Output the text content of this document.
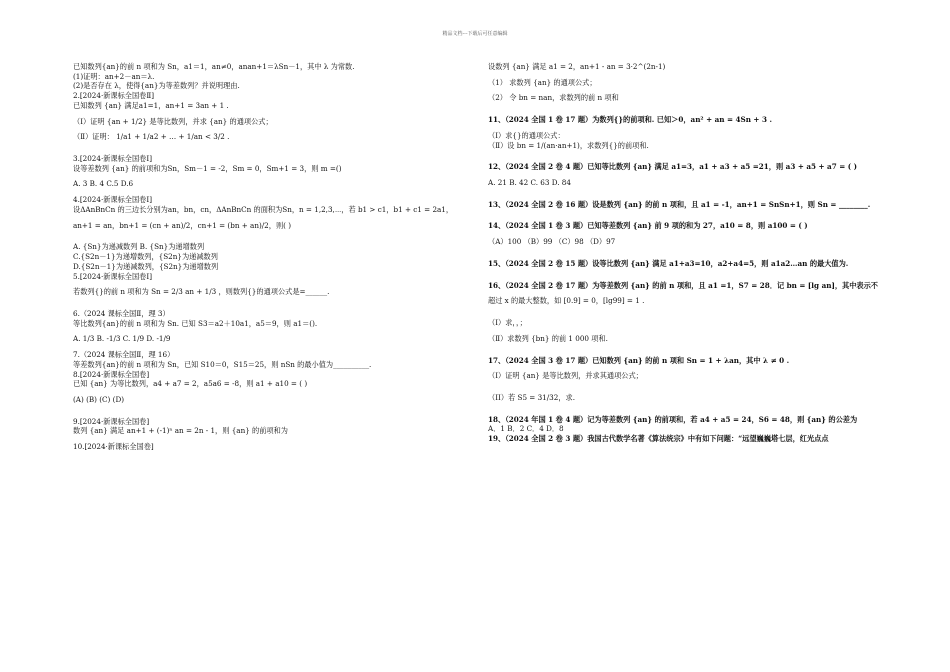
精品文档---下载后可任意编辑
已知数列{an}的前 n 项和为 Sn，a1＝1，an≠0，anan+1＝λSn－1，其中 λ 为常数.
(1)证明：an+2－an＝λ.
(2)是否存在 λ，使得{an}为等差数列？并说明理由.
2.[2024·新课标全国卷Ⅱ]
已知数列 {an} 满足a1=1，an+1 = 3an + 1 .
（Ⅰ）证明 {an + 1/2} 是等比数列，并求 {an} 的通项公式；
（Ⅱ）证明： 1/a1 + 1/a2 + … + 1/an < 3/2 .
3.[2024·新课标全国卷Ⅰ]
设等差数列 {an} 的前项和为Sn，Sm－1 = -2，Sm = 0，Sm+1 = 3，则 m =()
A. 3 B. 4 C.5 D.6
4.[2024·新课标全国卷Ⅰ]
设ΔAnBnCn 的三边长分别为an，bn，cn，ΔAnBnCn 的面积为Sn，n = 1,2,3,⋯，若 b1 > c1，b1 + c1 = 2a1，
an+1 = an，bn+1 = (cn + an)/2，cn+1 = (bn + an)/2，则( )
A. {Sn}为递减数列 B. {Sn}为递增数列
C.{S2n－1}为递增数列，{S2n}为递减数列
D.{S2n－1}为递减数列，{S2n}为递增数列
5.[2024·新课标全国卷Ⅰ]
若数列{}的前 n 项和为 Sn = 2/3 an + 1/3 ，则数列{}的通项公式是=______.
6.（2024 课标全国Ⅱ，理 3）
等比数列{an}的前 n 项和为 Sn. 已知 S3＝a2＋10a1，a5＝9，则 a1＝().
A. 1/3 B. -1/3 C. 1/9 D. -1/9
7.（2024 课标全国Ⅱ，理 16）
等差数列{an}的前 n 项和为 Sn，已知 S10＝0，S15＝25，则 nSn 的最小值为__________.
8.[2024·新课标全国卷]
已知 {an} 为等比数列，a4 + a7 = 2，a5a6 = -8，则 a1 + a10 = ( )
(A) (B) (C) (D)
9.[2024·新课标全国卷]
数列 {an} 满足 an+1 + (-1)ⁿ an = 2n - 1，则 {an} 的前项和为
10.[2024·新课标全国卷]
设数列 {an} 满足 a1 = 2，an+1 - an = 3·2^(2n-1)
（1） 求数列 {an} 的通项公式；
（2） 令 bn = nan，求数列的前 n 项和
11、（2024 全国 1 卷 17 题）为数列{}的前项和. 已知＞0，an² + an = 4Sn + 3 .
（Ⅰ）求{}的通项公式：
（Ⅱ）设 bn = 1/(an·an+1)，求数列{}的前项和.
12、（2024 全国 2 卷 4 题）已知等比数列 {an} 满足 a1=3，a1 + a3 + a5 =21，则 a3 + a5 + a7 = ( )
A. 21 B. 42 C. 63 D. 84
13、（2024 全国 2 卷 16 题）设是数列 {an} 的前 n 项和，且 a1 = -1，an+1 = SnSn+1，则 Sn = ________.
14、（2024 全国 1 卷 3 题）已知等差数列 {an} 前 9 项的和为 27，a10 = 8，则 a100 = ( )
（A）100 （B）99 （C）98 （D）97
15、（2024 全国 2 卷 15 题）设等比数列 {an} 满足 a1+a3=10，a2+a4=5，则 a1a2…an 的最大值为.
16、（2024 全国 2 卷 17 题）为等差数列 {an} 的前 n 项和，且 a1 =1，S7 = 28．记 bn = [lg an]，其中表示不
超过 x 的最大整数，如 [0.9] = 0，[lg99] = 1 .
（Ⅰ）求，，；
（Ⅱ）求数列 {bn} 的前 1 000 项和.
17、（2024 全国 3 卷 17 题）已知数列 {an} 的前 n 项和 Sn = 1 + λan，其中 λ ≠ 0 .
（I）证明 {an} 是等比数列，并求其通项公式；
（II）若 S5 = 31/32，求.
18、（2024 年国 1 卷 4 题）记为等差数列 {an} 的前项和，若 a4 + a5 = 24，S6 = 48，则 {an} 的公差为
A．1 B．2 C．4 D．8
19、（2024 全国 2 卷 3 题）我国古代数学名著《算法统宗》中有如下问题：“远望巍巍塔七层，红光点点
